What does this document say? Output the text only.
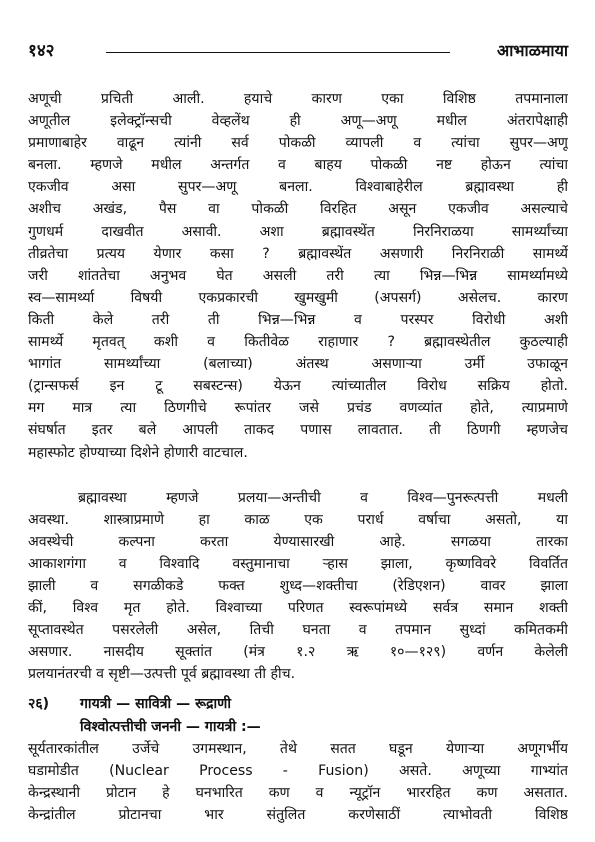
१४२	आभाळमाया
अणूची प्रचिती आली. हयाचे कारण एका विशिष्ठ तपमानाला
अणूतील इलेक्ट्रॉन्सची वेव्हलेंथ ही अणू—अणू मधील अंतरापेक्षाही
प्रमाणाबाहेर वाढून त्यांनी सर्व पोकळी व्यापली व त्यांचा सुपर—अणू
बनला. म्हणजे मधील अन्तर्गत व बाहय पोकळी नष्ट होऊन त्यांचा
एकजीव असा सुपर—अणू बनला. विश्वाबाहेरील ब्रह्मावस्था ही
अशीच अखंड, पैस वा पोकळी विरहित असून एकजीव असल्याचे
गुणधर्म दाखवीत असावी. अशा ब्रह्मावस्थेंत निरनिराळया सामर्थ्यांच्या
तीव्रतेचा प्रत्यय येणार कसा ? ब्रह्मावस्थेंत असणारी निरनिराळी सामर्थ्ये
जरी शांततेचा अनुभव घेत असली तरी त्या भिन्न—भिन्न सामर्थ्यामध्ये
स्व—सामर्थ्या विषयी एकप्रकारची खुमखुमी (अपसर्ग) असेलच. कारण
किती केले तरी ती भिन्न—भिन्न व परस्पर विरोधी अशी
सामर्थ्ये मृतवत् कशी व कितीवेळ राहाणार ? ब्रह्मावस्थेतील कुठल्याही
भागांत सामर्थ्यांच्या (बलाच्या) अंतस्थ असणाऱ्या उर्मी उफाळून
(ट्रान्सफर्स इन टू सबस्टन्स) येऊन त्यांच्यातील विरोध सक्रिय होतो.
मग मात्र त्या ठिणगीचे रूपांतर जसे प्रचंड वणव्यांत होते, त्याप्रमाणे
संघर्षात इतर बले आपली ताकद पणास लावतात. ती ठिणगी म्हणजेच
महास्फोट होण्याच्या दिशेने होणारी वाटचाल.
ब्रह्मावस्था म्हणजे प्रलया—अन्तीची व विश्व—पुनरूत्पत्ती मधली
अवस्था. शास्त्राप्रमाणे हा काळ एक परार्ध वर्षाचा असतो, या
अवस्थेची कल्पना करता येण्यासारखी आहे. सगळया तारका
आकाशगंगा व विश्वादि वस्तुमानाचा ऱ्हास झाला, कृष्णविवरे विवर्तित
झाली व सगळीकडे फक्त शुध्द—शक्तीचा (रेडिएशन) वावर झाला
कीं, विश्व मृत होते. विश्वाच्या परिणत स्वरूपांमध्ये सर्वत्र समान शक्ती
सूप्तावस्थेत पसरलेली असेल, तिची घनता व तपमान सुध्दां कमितकमी
असणार. नासदीय सूक्तांत (मंत्र १.२ ऋ १०—१२९) वर्णन केलेली
प्रलयानंतरची व सृष्टी—उत्पत्ती पूर्व ब्रह्मावस्था ती हीच.
२६) गायत्री — सावित्री — रूद्राणी
विश्वोत्पत्तीची जननी — गायत्री :—
सूर्यतारकांतील उर्जेचे उगमस्थान, तेथे सतत घडून येणाऱ्या अणूगर्भीय
घडामोडीत (Nuclear Process - Fusion) असते. अणूच्या गाभ्यांत
केन्द्रस्थानी प्रोटान हे घनभारित कण व न्यूट्रॉन भाररहित कण असतात.
केन्द्रांतील प्रोटानचा भार संतुलित करणेसाठीं त्याभोवती विशिष्ठ
